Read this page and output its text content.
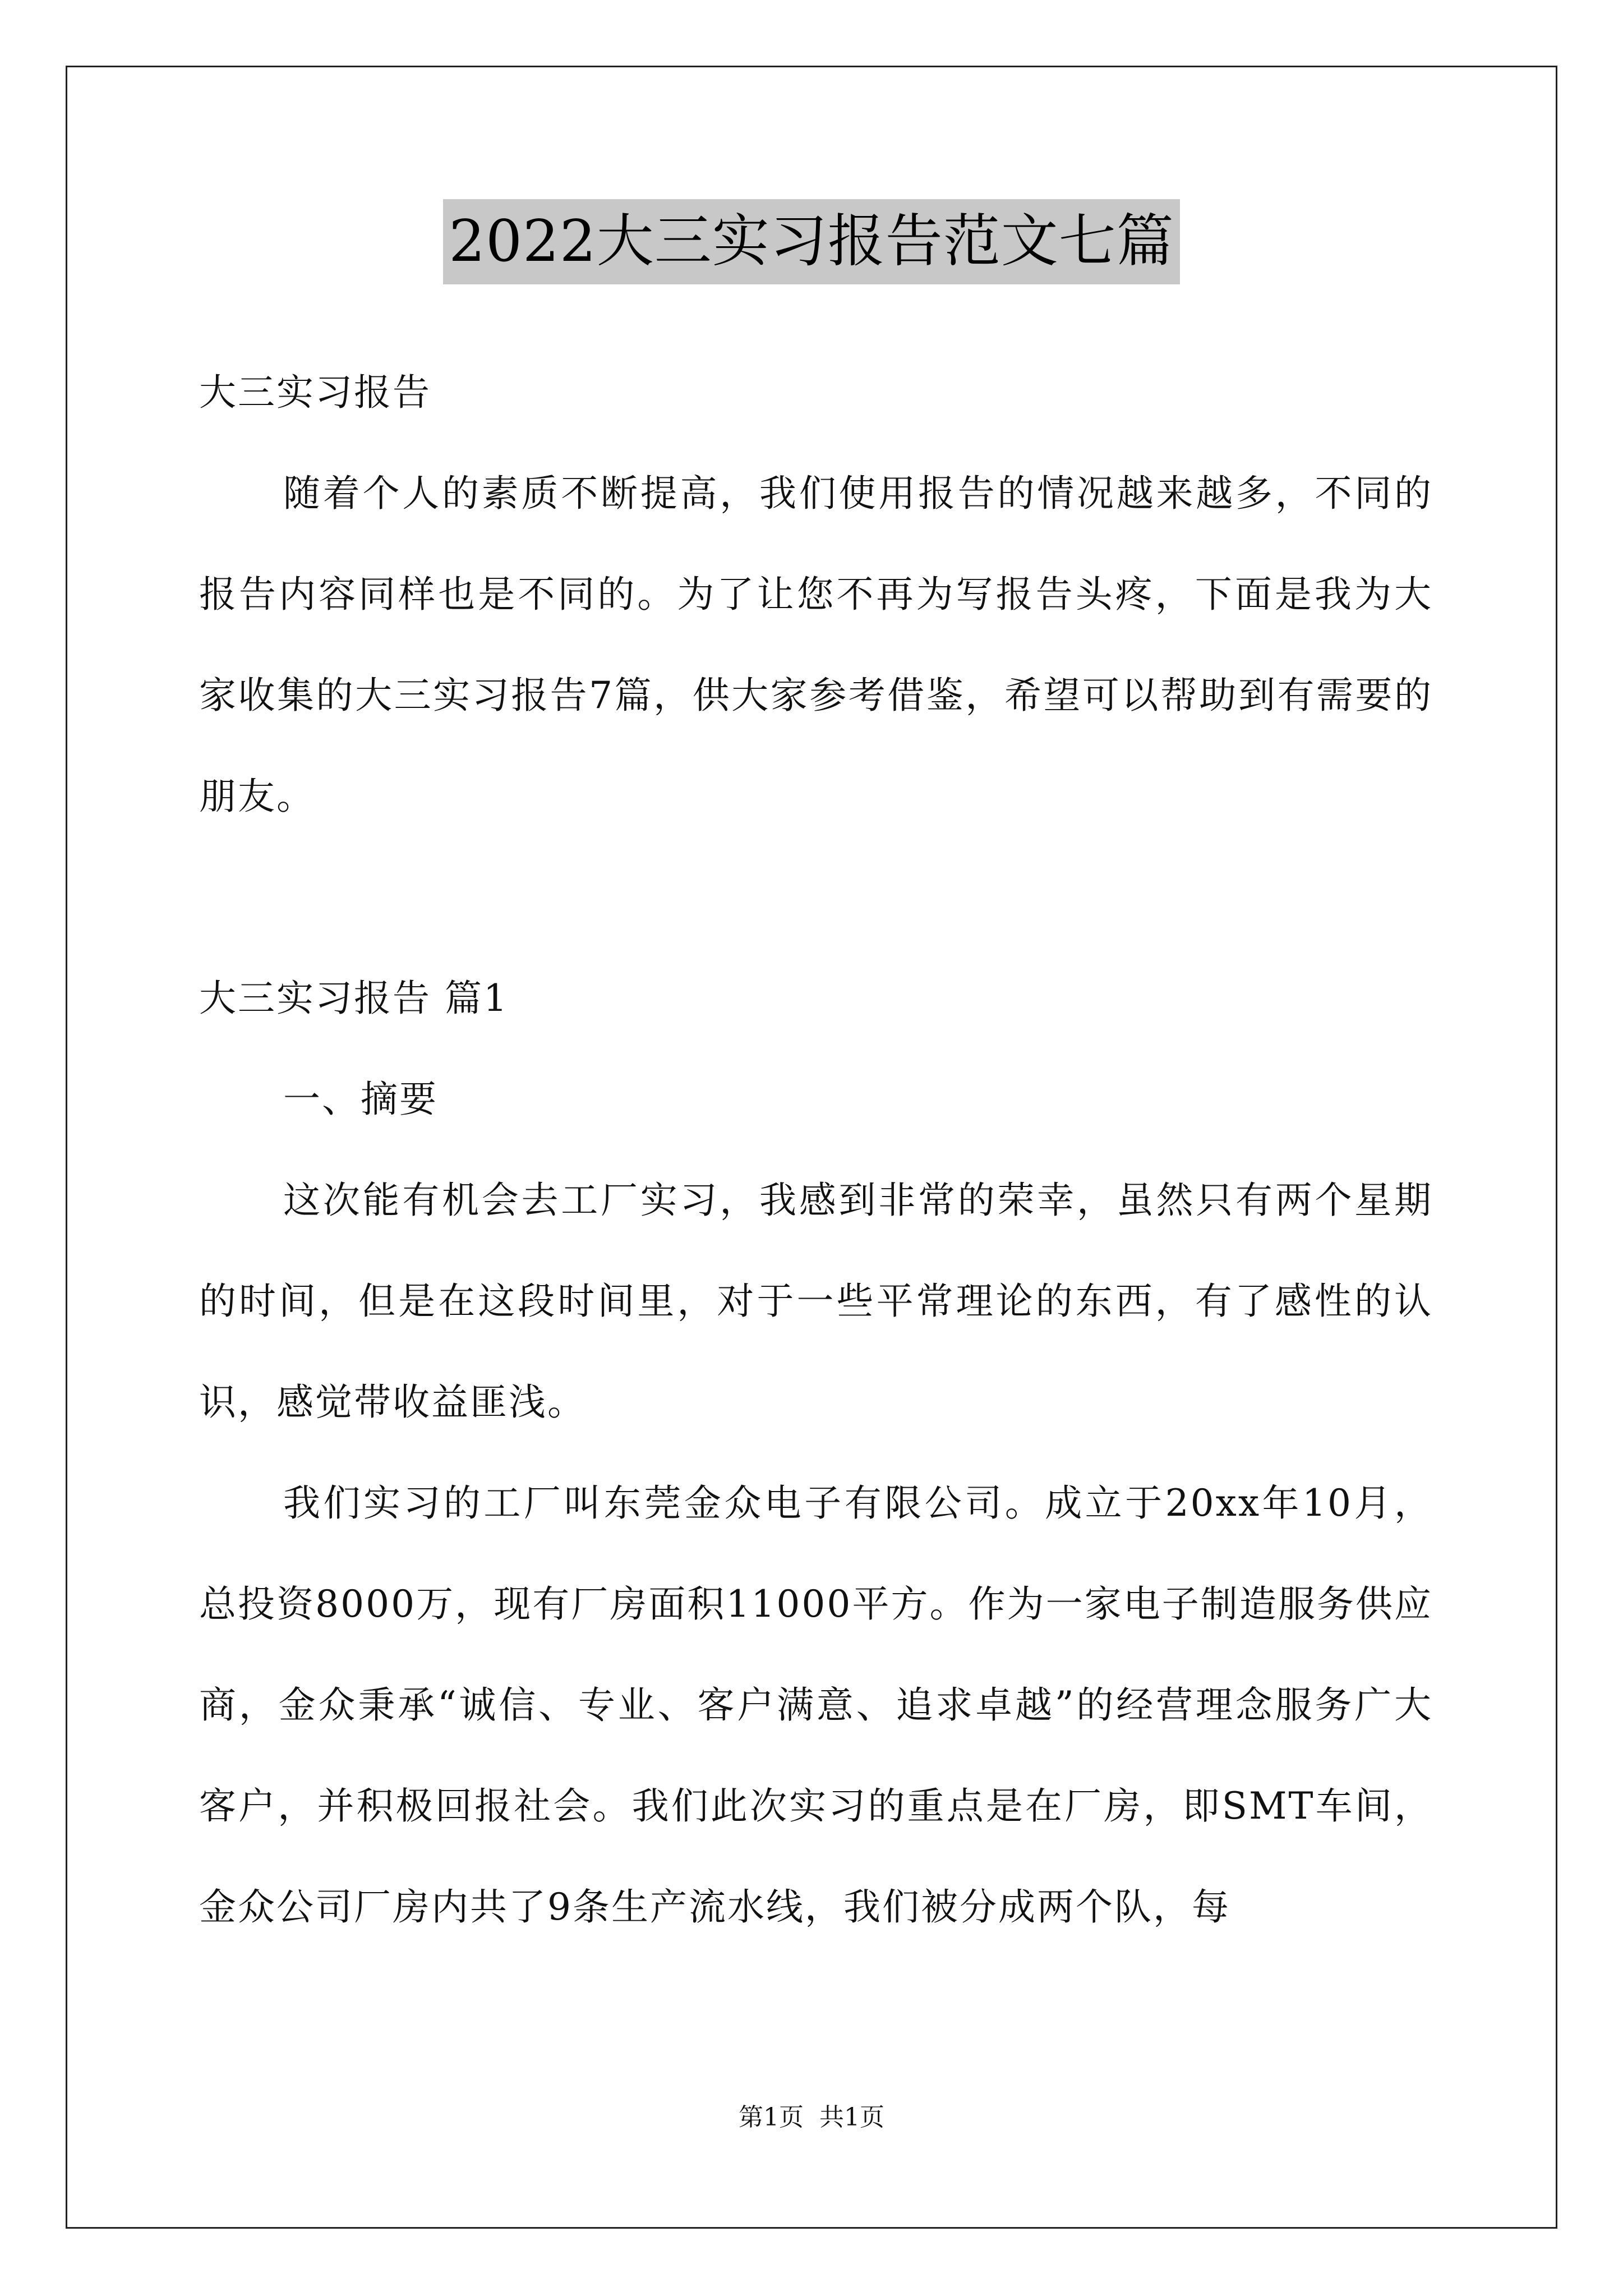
2022大三实习报告范文七篇

大三实习报告

随着个人的素质不断提高，我们使用报告的情况越来越多，不同的报告内容同样也是不同的。为了让您不再为写报告头疼，下面是我为大家收集的大三实习报告7篇，供大家参考借鉴，希望可以帮助到有需要的朋友。

大三实习报告 篇1

一、摘要

这次能有机会去工厂实习，我感到非常的荣幸，虽然只有两个星期的时间，但是在这段时间里，对于一些平常理论的东西，有了感性的认识，感觉带收益匪浅。

我们实习的工厂叫东莞金众电子有限公司。成立于20xx年10月，总投资8000万，现有厂房面积11000平方。作为一家电子制造服务供应商，金众秉承“诚信、专业、客户满意、追求卓越”的经营理念服务广大客户，并积极回报社会。我们此次实习的重点是在厂房，即SMT车间，金众公司厂房内共了9条生产流水线，我们被分成两个队，每

第1页  共1页
